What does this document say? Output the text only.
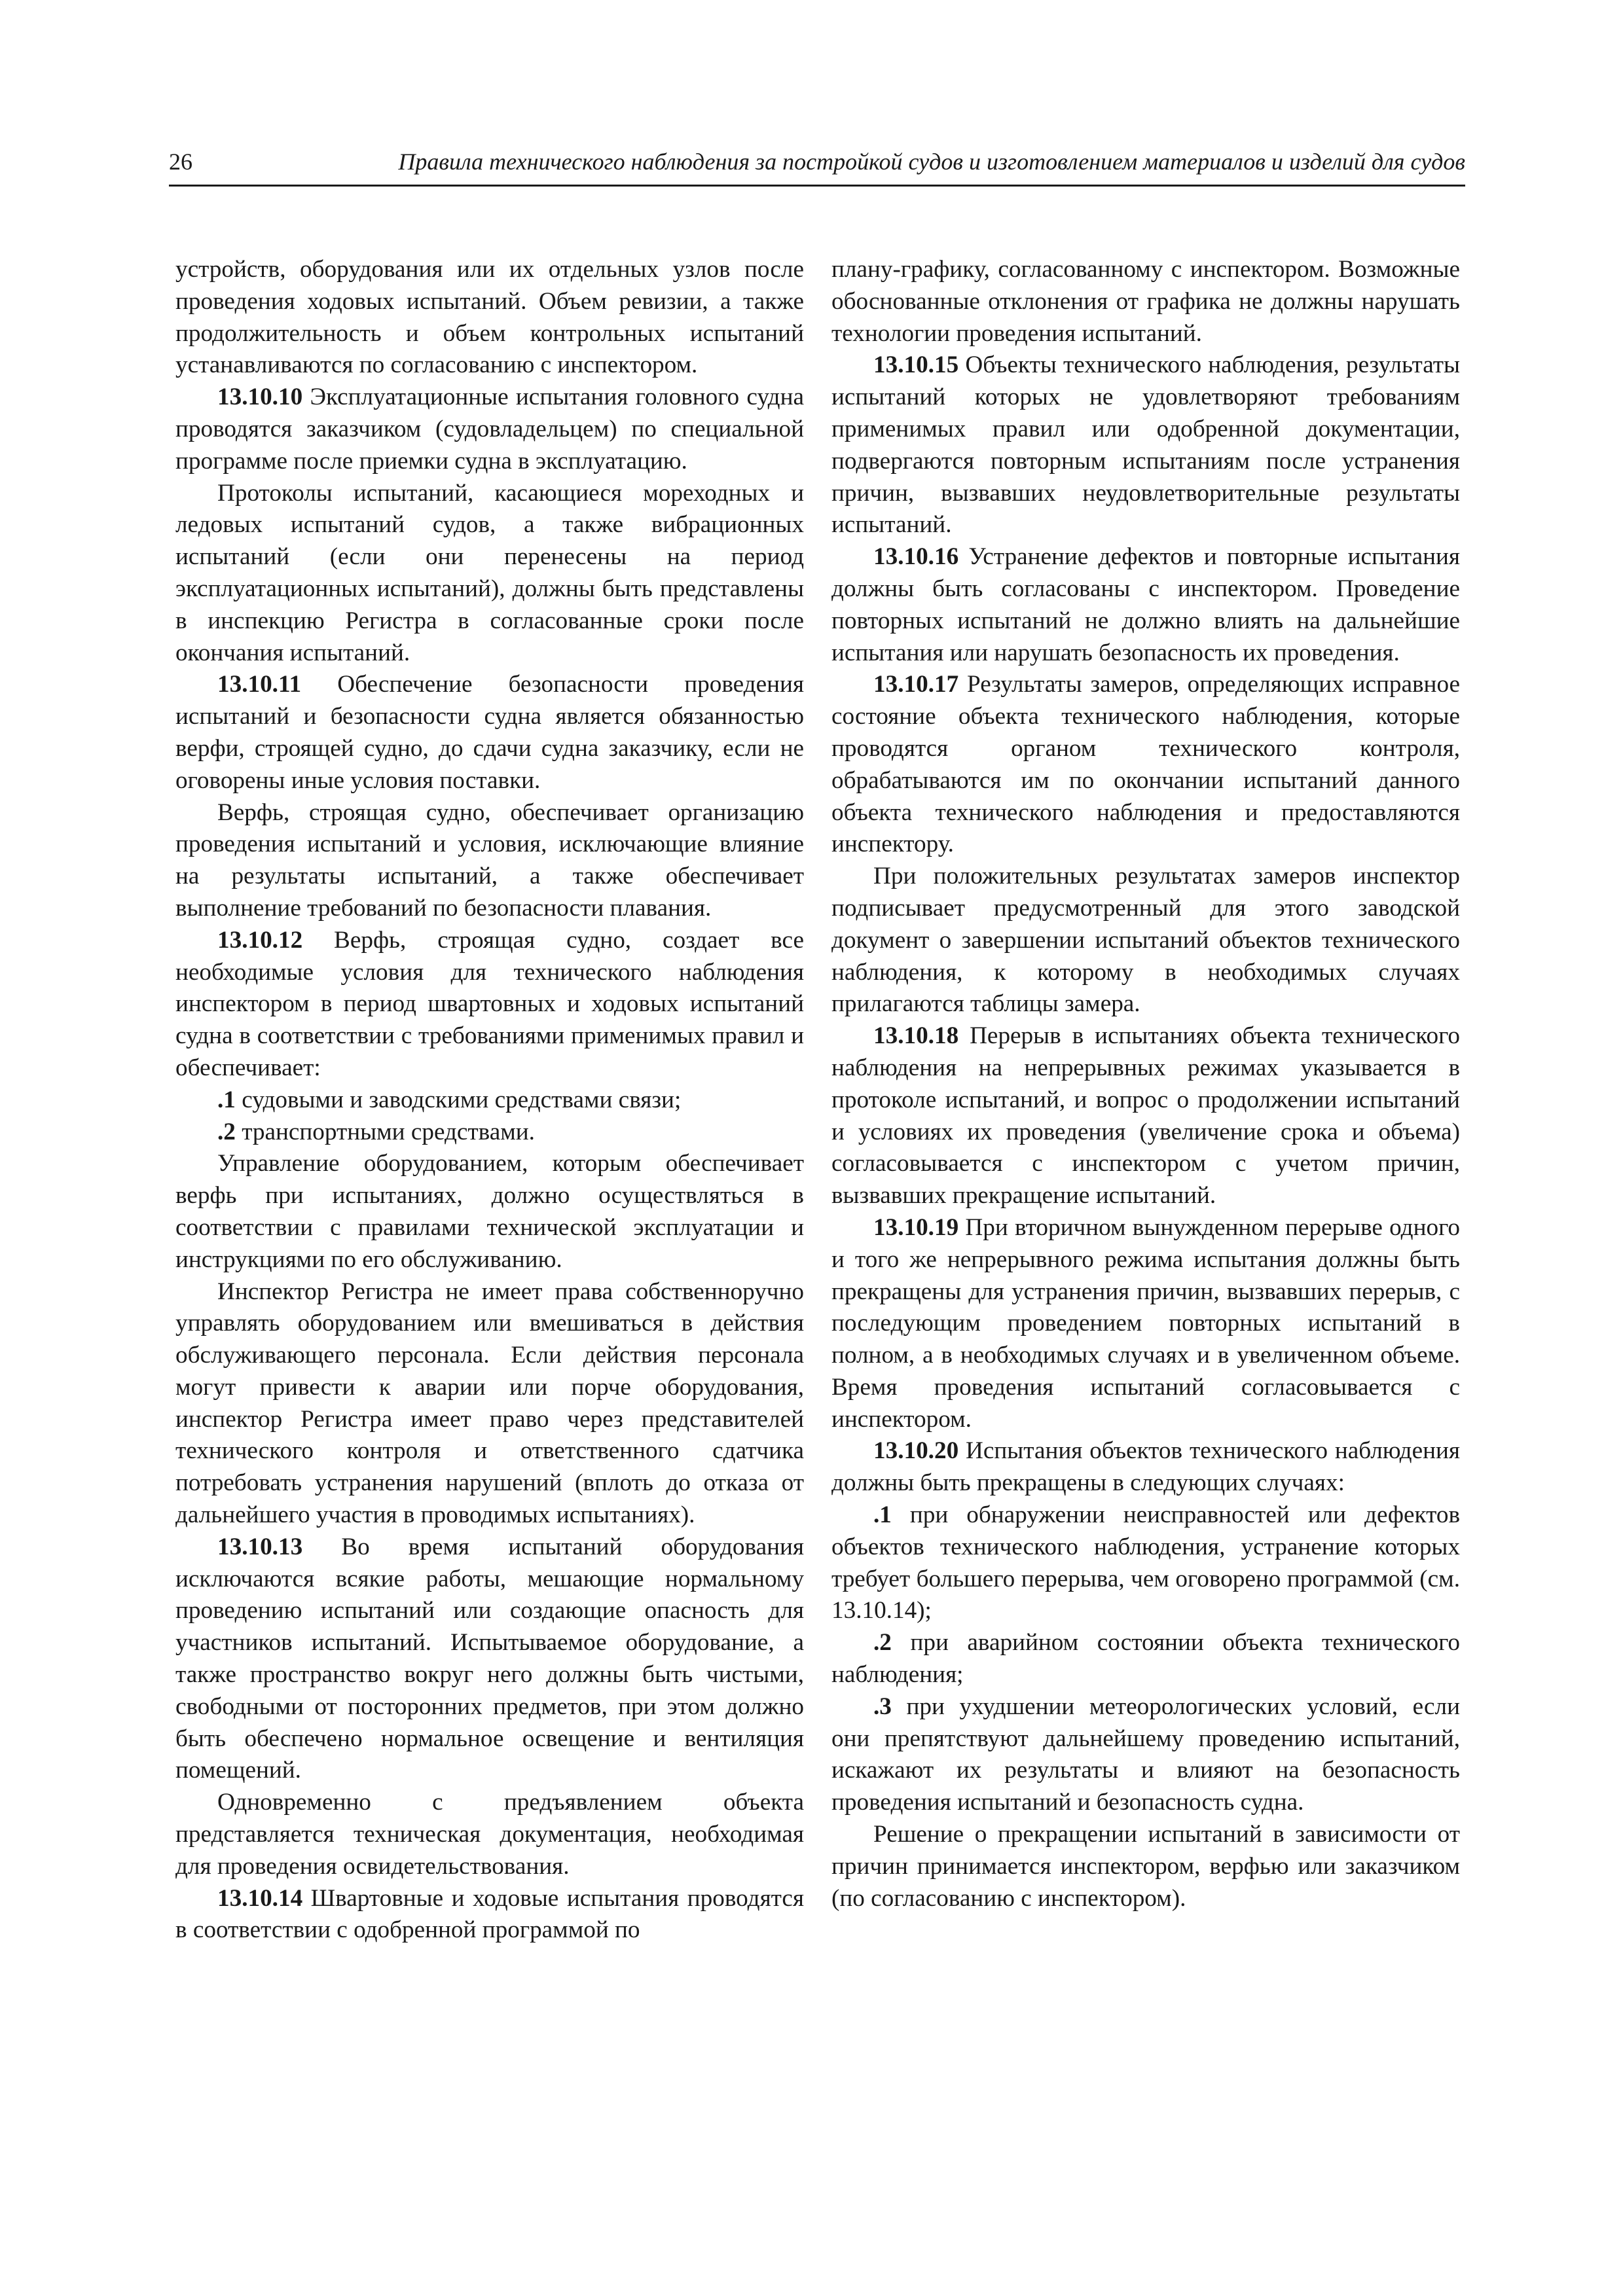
26	Правила технического наблюдения за постройкой судов и изготовлением материалов и изделий для судов

устройств, оборудования или их отдельных узлов после проведения ходовых испытаний. Объем ревизии, а также продолжительность и объем контрольных испытаний устанавливаются по согласованию с инспектором.

13.10.10 Эксплуатационные испытания головного судна проводятся заказчиком (судовладельцем) по специальной программе после приемки судна в эксплуатацию.

Протоколы испытаний, касающиеся мореходных и ледовых испытаний судов, а также вибрационных испытаний (если они перенесены на период эксплуатационных испытаний), должны быть представлены в инспекцию Регистра в согласованные сроки после окончания испытаний.

13.10.11 Обеспечение безопасности проведения испытаний и безопасности судна является обязанностью верфи, строящей судно, до сдачи судна заказчику, если не оговорены иные условия поставки.

Верфь, строящая судно, обеспечивает организацию проведения испытаний и условия, исключающие влияние на результаты испытаний, а также обеспечивает выполнение требований по безопасности плавания.

13.10.12 Верфь, строящая судно, создает все необходимые условия для технического наблюдения инспектором в период швартовных и ходовых испытаний судна в соответствии с требованиями применимых правил и обеспечивает:

.1 судовыми и заводскими средствами связи;

.2 транспортными средствами.

Управление оборудованием, которым обеспечивает верфь при испытаниях, должно осуществляться в соответствии с правилами технической эксплуатации и инструкциями по его обслуживанию.

Инспектор Регистра не имеет права собственноручно управлять оборудованием или вмешиваться в действия обслуживающего персонала. Если действия персонала могут привести к аварии или порче оборудования, инспектор Регистра имеет право через представителей технического контроля и ответственного сдатчика потребовать устранения нарушений (вплоть до отказа от дальнейшего участия в проводимых испытаниях).

13.10.13 Во время испытаний оборудования исключаются всякие работы, мешающие нормальному проведению испытаний или создающие опасность для участников испытаний. Испытываемое оборудование, а также пространство вокруг него должны быть чистыми, свободными от посторонних предметов, при этом должно быть обеспечено нормальное освещение и вентиляция помещений.

Одновременно с предъявлением объекта представляется техническая документация, необходимая для проведения освидетельствования.

13.10.14 Швартовные и ходовые испытания проводятся в соответствии с одобренной программой по

плану-графику, согласованному с инспектором. Возможные обоснованные отклонения от графика не должны нарушать технологии проведения испытаний.

13.10.15 Объекты технического наблюдения, результаты испытаний которых не удовлетворяют требованиям применимых правил или одобренной документации, подвергаются повторным испытаниям после устранения причин, вызвавших неудовлетворительные результаты испытаний.

13.10.16 Устранение дефектов и повторные испытания должны быть согласованы с инспектором. Проведение повторных испытаний не должно влиять на дальнейшие испытания или нарушать безопасность их проведения.

13.10.17 Результаты замеров, определяющих исправное состояние объекта технического наблюдения, которые проводятся органом технического контроля, обрабатываются им по окончании испытаний данного объекта технического наблюдения и предоставляются инспектору.

При положительных результатах замеров инспектор подписывает предусмотренный для этого заводской документ о завершении испытаний объектов технического наблюдения, к которому в необходимых случаях прилагаются таблицы замера.

13.10.18 Перерыв в испытаниях объекта технического наблюдения на непрерывных режимах указывается в протоколе испытаний, и вопрос о продолжении испытаний и условиях их проведения (увеличение срока и объема) согласовывается с инспектором с учетом причин, вызвавших прекращение испытаний.

13.10.19 При вторичном вынужденном перерыве одного и того же непрерывного режима испытания должны быть прекращены для устранения причин, вызвавших перерыв, с последующим проведением повторных испытаний в полном, а в необходимых случаях и в увеличенном объеме. Время проведения испытаний согласовывается с инспектором.

13.10.20 Испытания объектов технического наблюдения должны быть прекращены в следующих случаях:

.1 при обнаружении неисправностей или дефектов объектов технического наблюдения, устранение которых требует большего перерыва, чем оговорено программой (см. 13.10.14);

.2 при аварийном состоянии объекта технического наблюдения;

.3 при ухудшении метеорологических условий, если они препятствуют дальнейшему проведению испытаний, искажают их результаты и влияют на безопасность проведения испытаний и безопасность судна.

Решение о прекращении испытаний в зависимости от причин принимается инспектором, верфью или заказчиком (по согласованию с инспектором).
